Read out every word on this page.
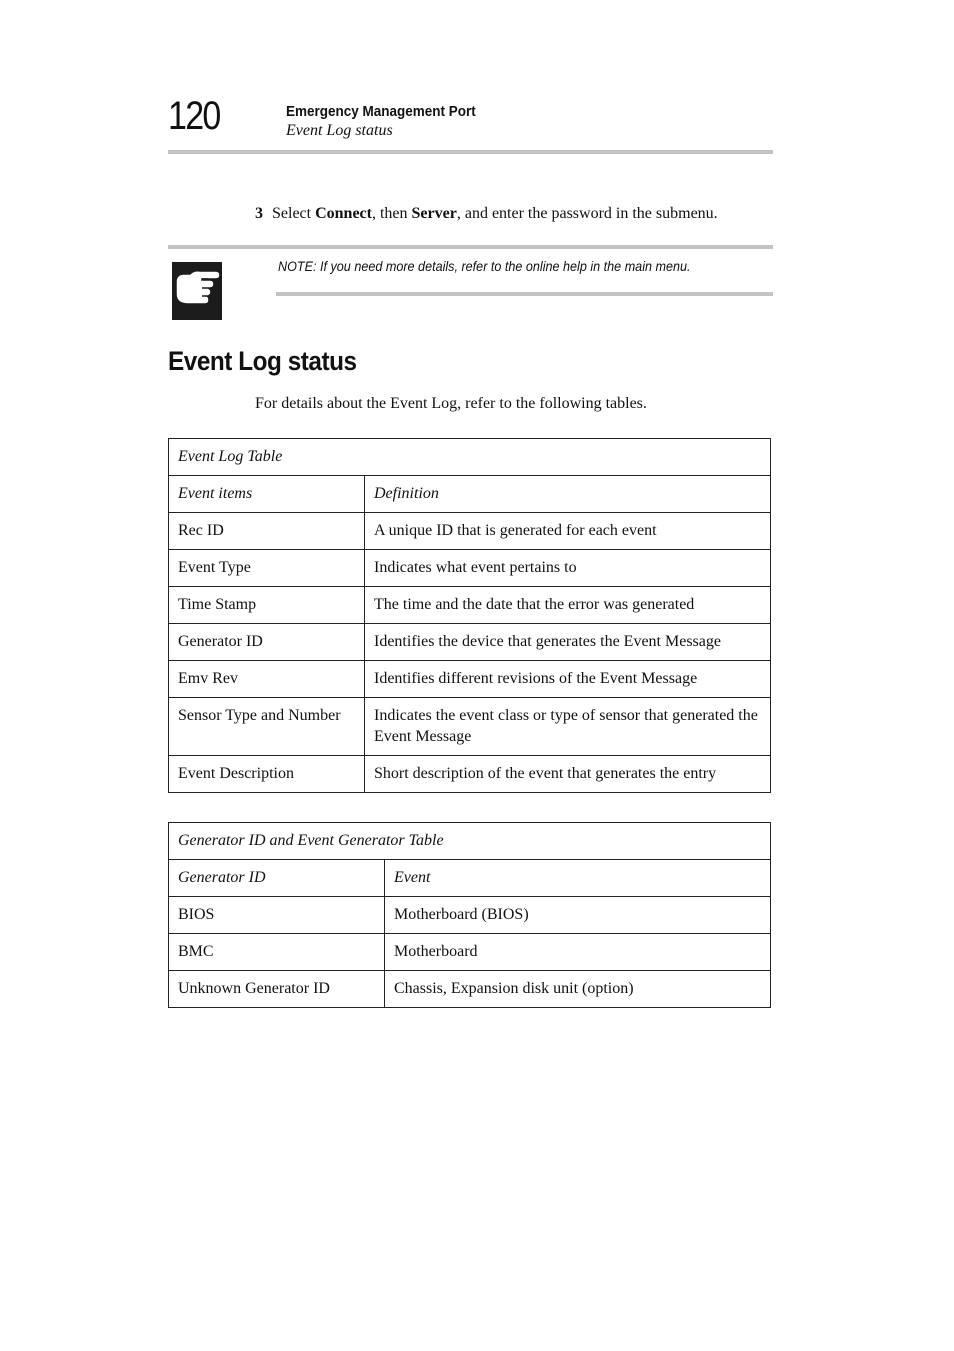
120	Emergency Management Port
Event Log status
3 Select Connect, then Server, and enter the password in the submenu.
NOTE: If you need more details, refer to the online help in the main menu.
Event Log status
For details about the Event Log, refer to the following tables.
Event Log Table	
Event items	Definition
Rec ID	A unique ID that is generated for each event
Event Type	Indicates what event pertains to
Time Stamp	The time and the date that the error was generated
Generator ID	Identifies the device that generates the Event Message
Emv Rev	Identifies different revisions of the Event Message
Sensor Type and Number	Indicates the event class or type of sensor that generated the Event Message
Event Description	Short description of the event that generates the entry
Generator ID and Event Generator Table	
Generator ID	Event
BIOS	Motherboard (BIOS)
BMC	Motherboard
Unknown Generator ID	Chassis, Expansion disk unit (option)
